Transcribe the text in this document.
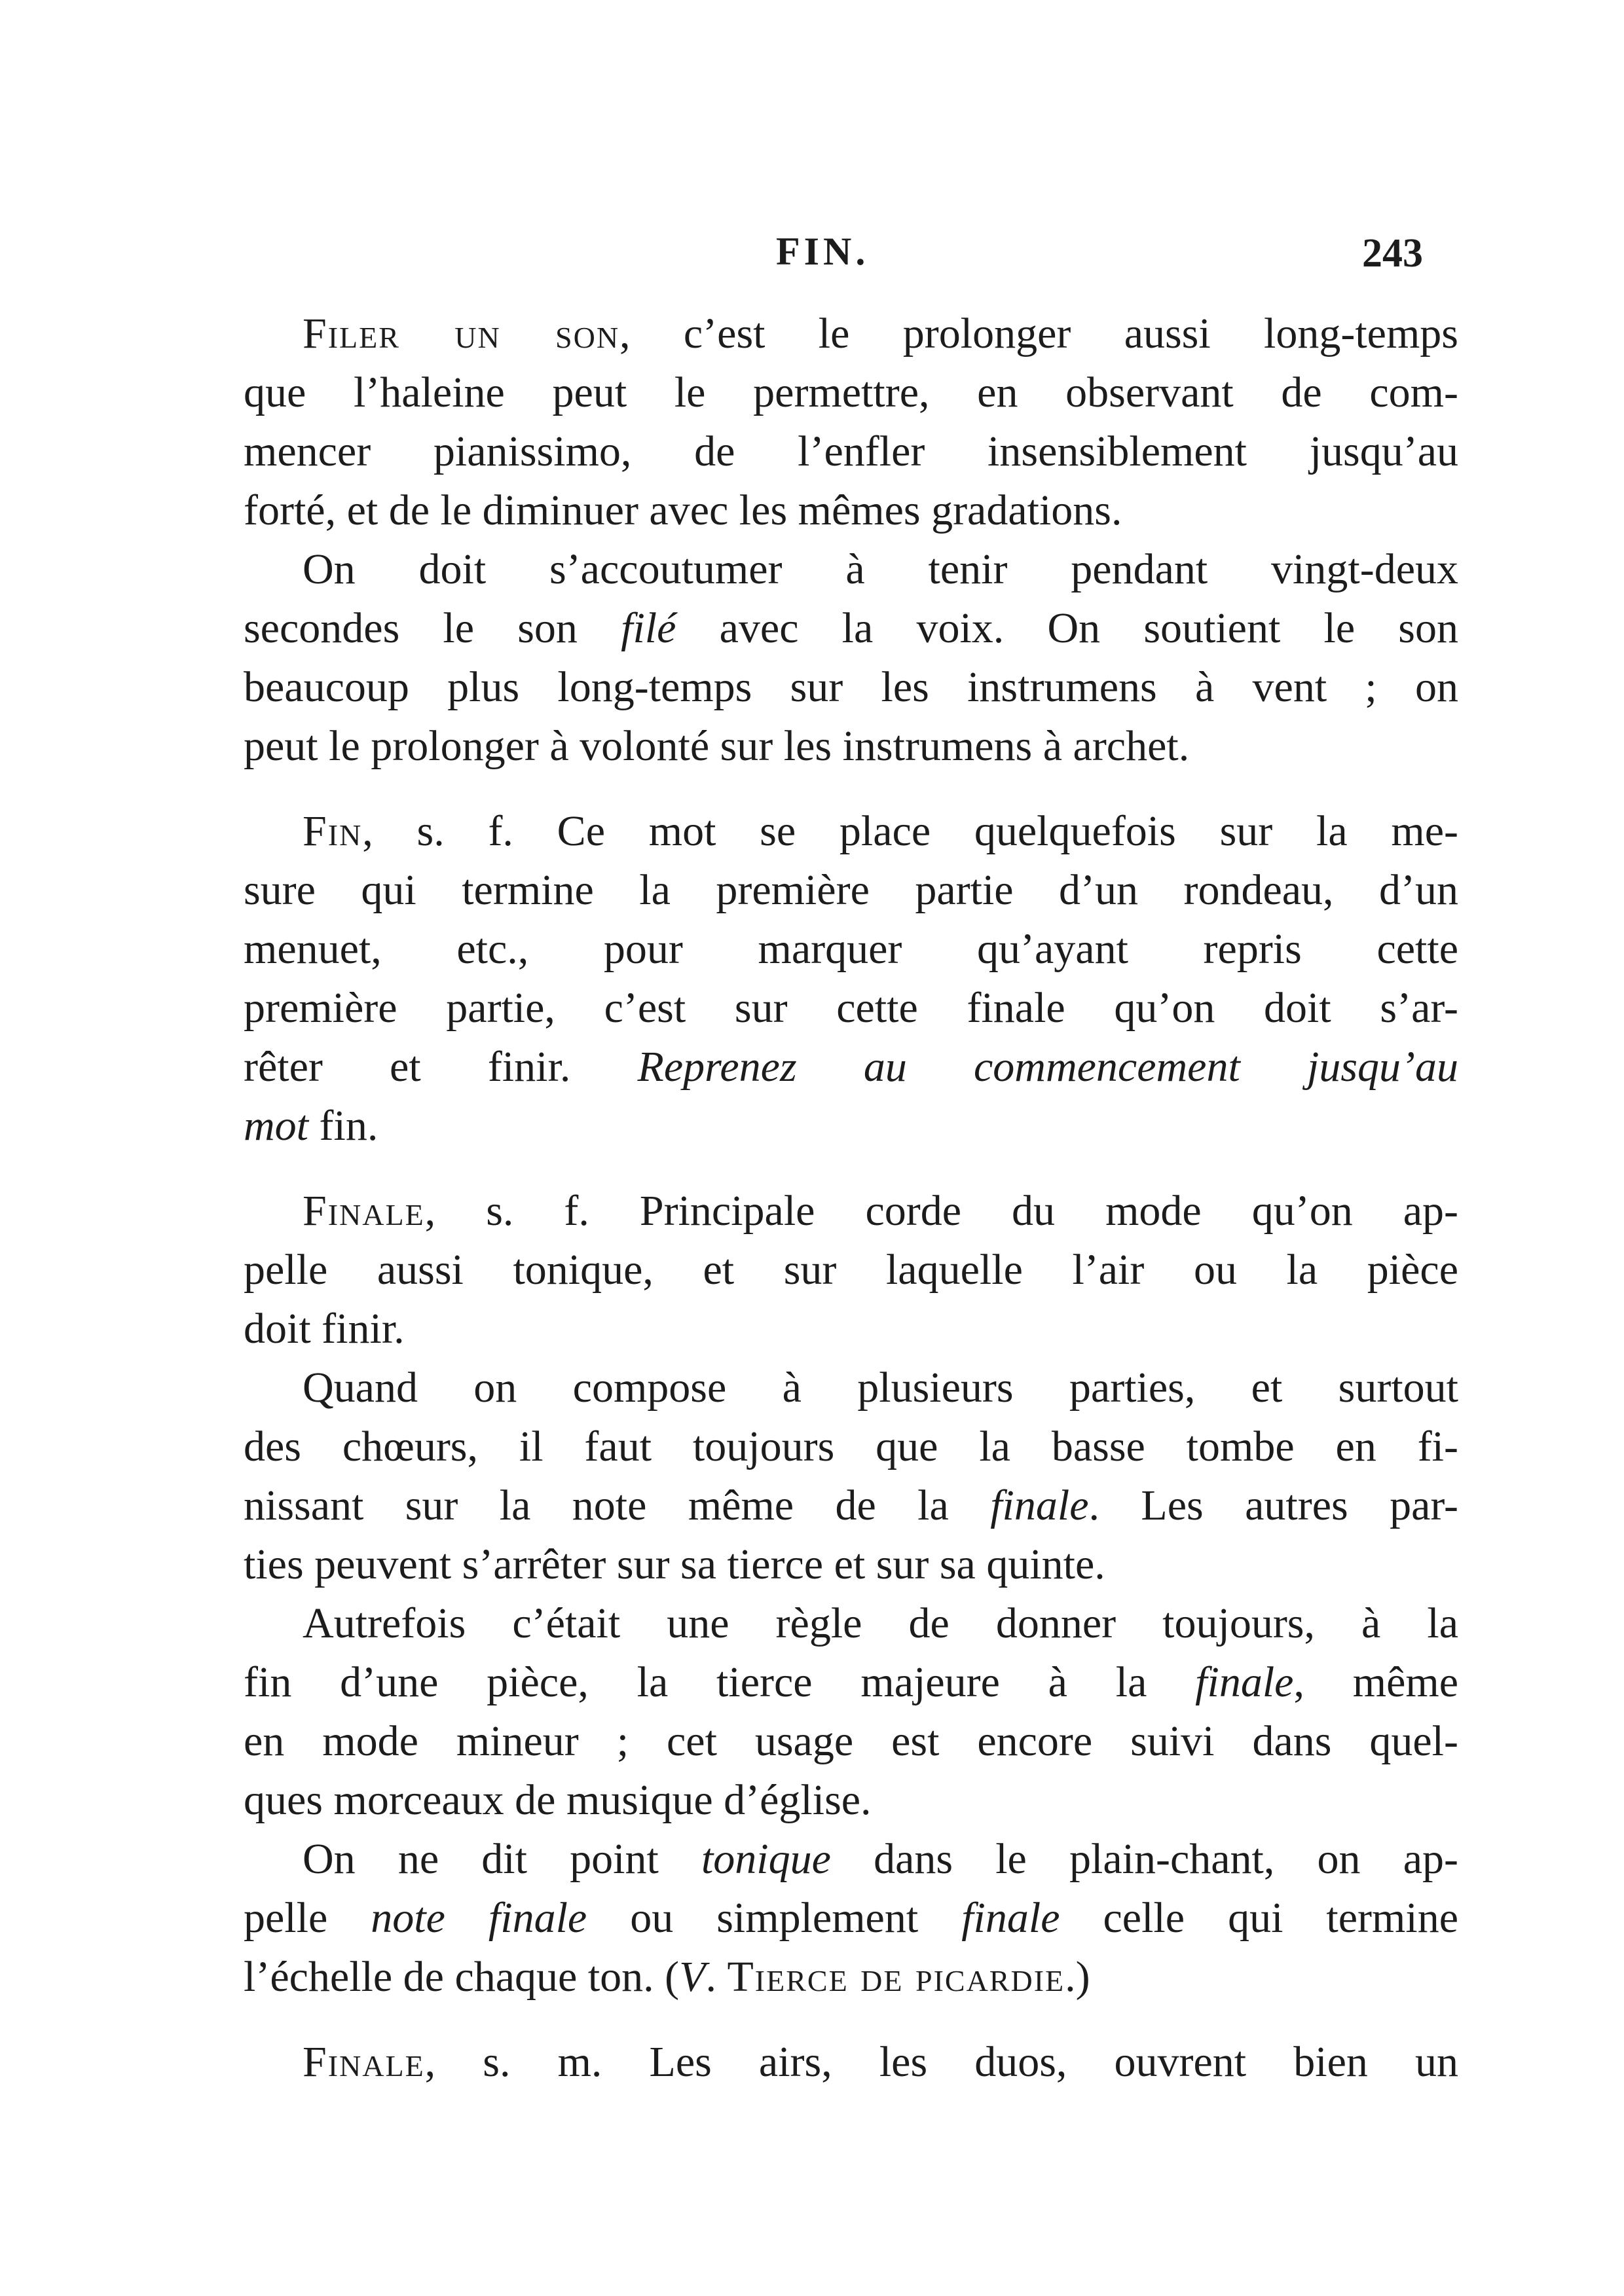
FIN.	243
Filer un son, c’est le prolonger aussi long-temps
que l’haleine peut le permettre, en observant de com-
mencer pianissimo, de l’enfler insensiblement jusqu’au
forté, et de le diminuer avec les mêmes gradations.
On doit s’accoutumer à tenir pendant vingt-deux
secondes le son filé avec la voix. On soutient le son
beaucoup plus long-temps sur les instrumens à vent ; on
peut le prolonger à volonté sur les instrumens à archet.
Fin, s. f. Ce mot se place quelquefois sur la me-
sure qui termine la première partie d’un rondeau, d’un
menuet, etc., pour marquer qu’ayant repris cette
première partie, c’est sur cette finale qu’on doit s’ar-
rêter et finir. Reprenez au commencement jusqu’au
mot fin.
Finale, s. f. Principale corde du mode qu’on ap-
pelle aussi tonique, et sur laquelle l’air ou la pièce
doit finir.
Quand on compose à plusieurs parties, et surtout
des chœurs, il faut toujours que la basse tombe en fi-
nissant sur la note même de la finale. Les autres par-
ties peuvent s’arrêter sur sa tierce et sur sa quinte.
Autrefois c’était une règle de donner toujours, à la
fin d’une pièce, la tierce majeure à la finale, même
en mode mineur ; cet usage est encore suivi dans quel-
ques morceaux de musique d’église.
On ne dit point tonique dans le plain-chant, on ap-
pelle note finale ou simplement finale celle qui termine
l’échelle de chaque ton. (V. Tierce de picardie.)
Finale, s. m. Les airs, les duos, ouvrent bien un
